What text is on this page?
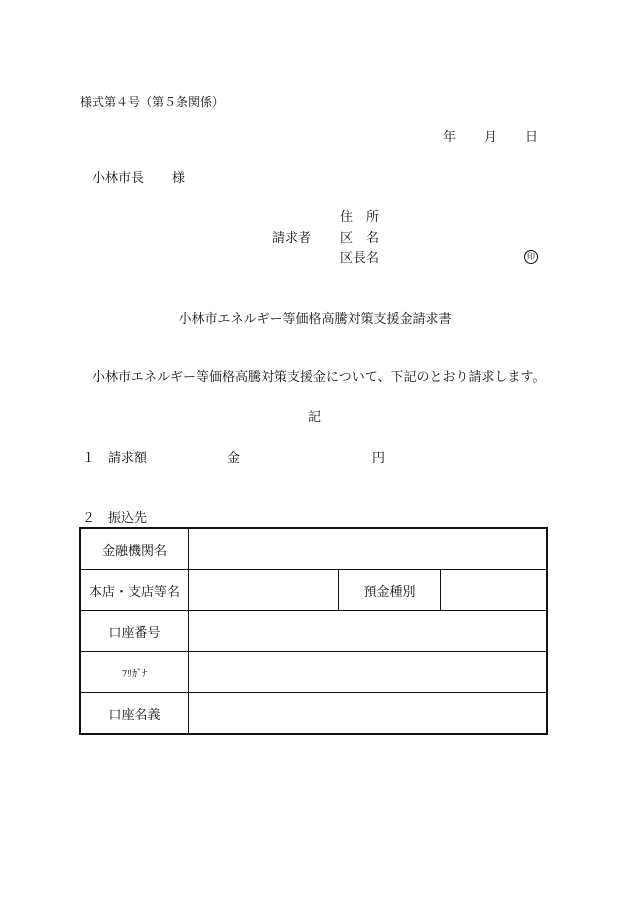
様式第４号（第５条関係）
年 月 日
小林市長 様
住　所
請求者 区　名
区長名	印
小林市エネルギー等価格高騰対策支援金請求書
小林市エネルギー等価格高騰対策支援金について、下記のとおり請求します。
記
１　請求額	金	円
２　振込先
金融機関名			
本店・支店等名		預金種別	
口座番号			
ﾌﾘｶﾞﾅ			
口座名義			
